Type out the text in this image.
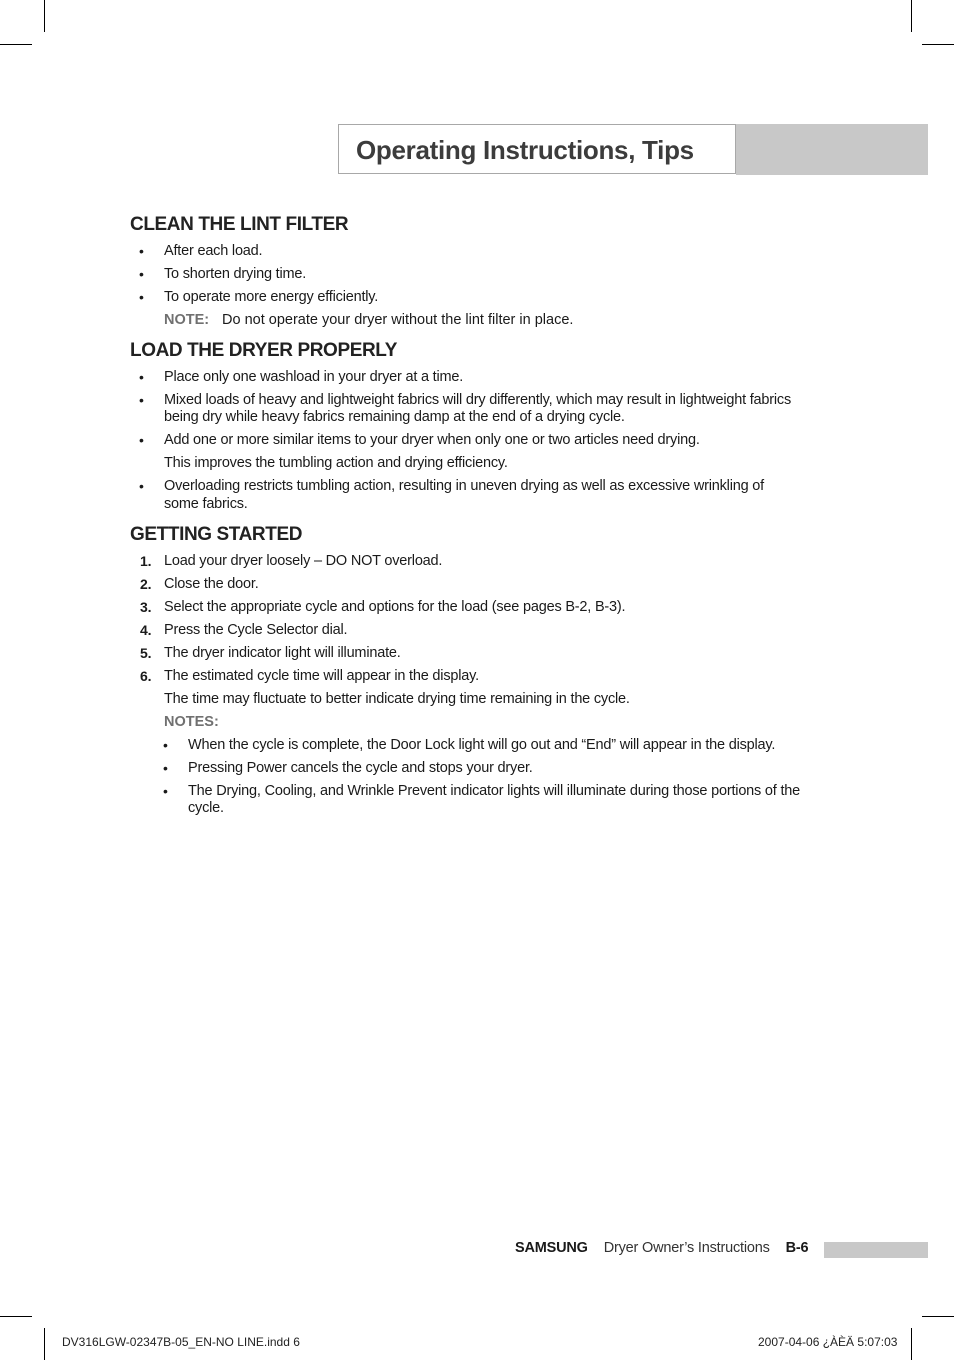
Operating Instructions, Tips
CLEAN THE LINT FILTER
• After each load.
• To shorten drying time.
• To operate more energy efficiently.
NOTE: Do not operate your dryer without the lint filter in place.
LOAD THE DRYER PROPERLY
• Place only one washload in your dryer at a time.
• Mixed loads of heavy and lightweight fabrics will dry differently, which may result in lightweight fabrics being dry while heavy fabrics remaining damp at the end of a drying cycle.
• Add one or more similar items to your dryer when only one or two articles need drying.
This improves the tumbling action and drying efficiency.
• Overloading restricts tumbling action, resulting in uneven drying as well as excessive wrinkling of some fabrics.
GETTING STARTED
1. Load your dryer loosely – DO NOT overload.
2. Close the door.
3. Select the appropriate cycle and options for the load (see pages B-2, B-3).
4. Press the Cycle Selector dial.
5. The dryer indicator light will illuminate.
6. The estimated cycle time will appear in the display.
The time may fluctuate to better indicate drying time remaining in the cycle.
NOTES:
• When the cycle is complete, the Door Lock light will go out and “End” will appear in the display.
• Pressing Power cancels the cycle and stops your dryer.
• The Drying, Cooling, and Wrinkle Prevent indicator lights will illuminate during those portions of the cycle.
SAMSUNG Dryer Owner’s Instructions B-6
DV316LGW-02347B-05_EN-NO LINE.indd 6	2007-04-06 ¿ÀÈÄ 5:07:03
